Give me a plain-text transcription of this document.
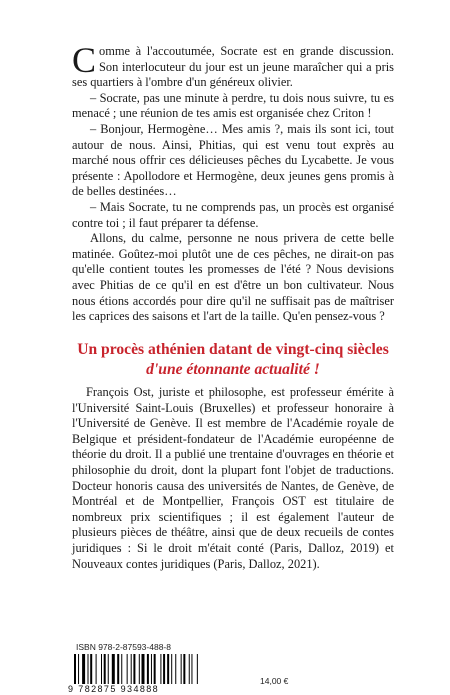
Comme à l'accoutumée, Socrate est en grande discussion. Son interlocuteur du jour est un jeune maraîcher qui a pris ses quartiers à l'ombre d'un généreux olivier.

– Socrate, pas une minute à perdre, tu dois nous suivre, tu es menacé ; une réunion de tes amis est organisée chez Criton !

– Bonjour, Hermogène… Mes amis ?, mais ils sont ici, tout autour de nous. Ainsi, Phitias, qui est venu tout exprès au marché nous offrir ces délicieuses pêches du Lycabette. Je vous présente : Apollodore et Hermogène, deux jeunes gens promis à de belles destinées…

– Mais Socrate, tu ne comprends pas, un procès est organisé contre toi ; il faut préparer ta défense.

Allons, du calme, personne ne nous privera de cette belle matinée. Goûtez-moi plutôt une de ces pêches, ne dirait-on pas qu'elle contient toutes les promesses de l'été ? Nous devisions avec Phitias de ce qu'il en est d'être un bon cultivateur. Nous nous étions accordés pour dire qu'il ne suffisait pas de maîtriser les caprices des saisons et l'art de la taille. Qu'en pensez-vous ?

Un procès athénien datant de vingt-cinq siècles
d'une étonnante actualité !

François Ost, juriste et philosophe, est professeur émérite à l'Université Saint-Louis (Bruxelles) et professeur honoraire à l'Université de Genève. Il est membre de l'Académie royale de Belgique et président-fondateur de l'Académie européenne de théorie du droit. Il a publié une trentaine d'ouvrages en théorie et philosophie du droit, dont la plupart font l'objet de traductions. Docteur honoris causa des universités de Nantes, de Genève, de Montréal et de Montpellier, François OST est titulaire de nombreux prix scientifiques ; il est également l'auteur de plusieurs pièces de théâtre, ainsi que de deux recueils de contes juridiques : Si le droit m'était conté (Paris, Dalloz, 2019) et Nouveaux contes juridiques (Paris, Dalloz, 2021).

ISBN 978-2-87593-488-8
9 782875 934888
14,00 €
